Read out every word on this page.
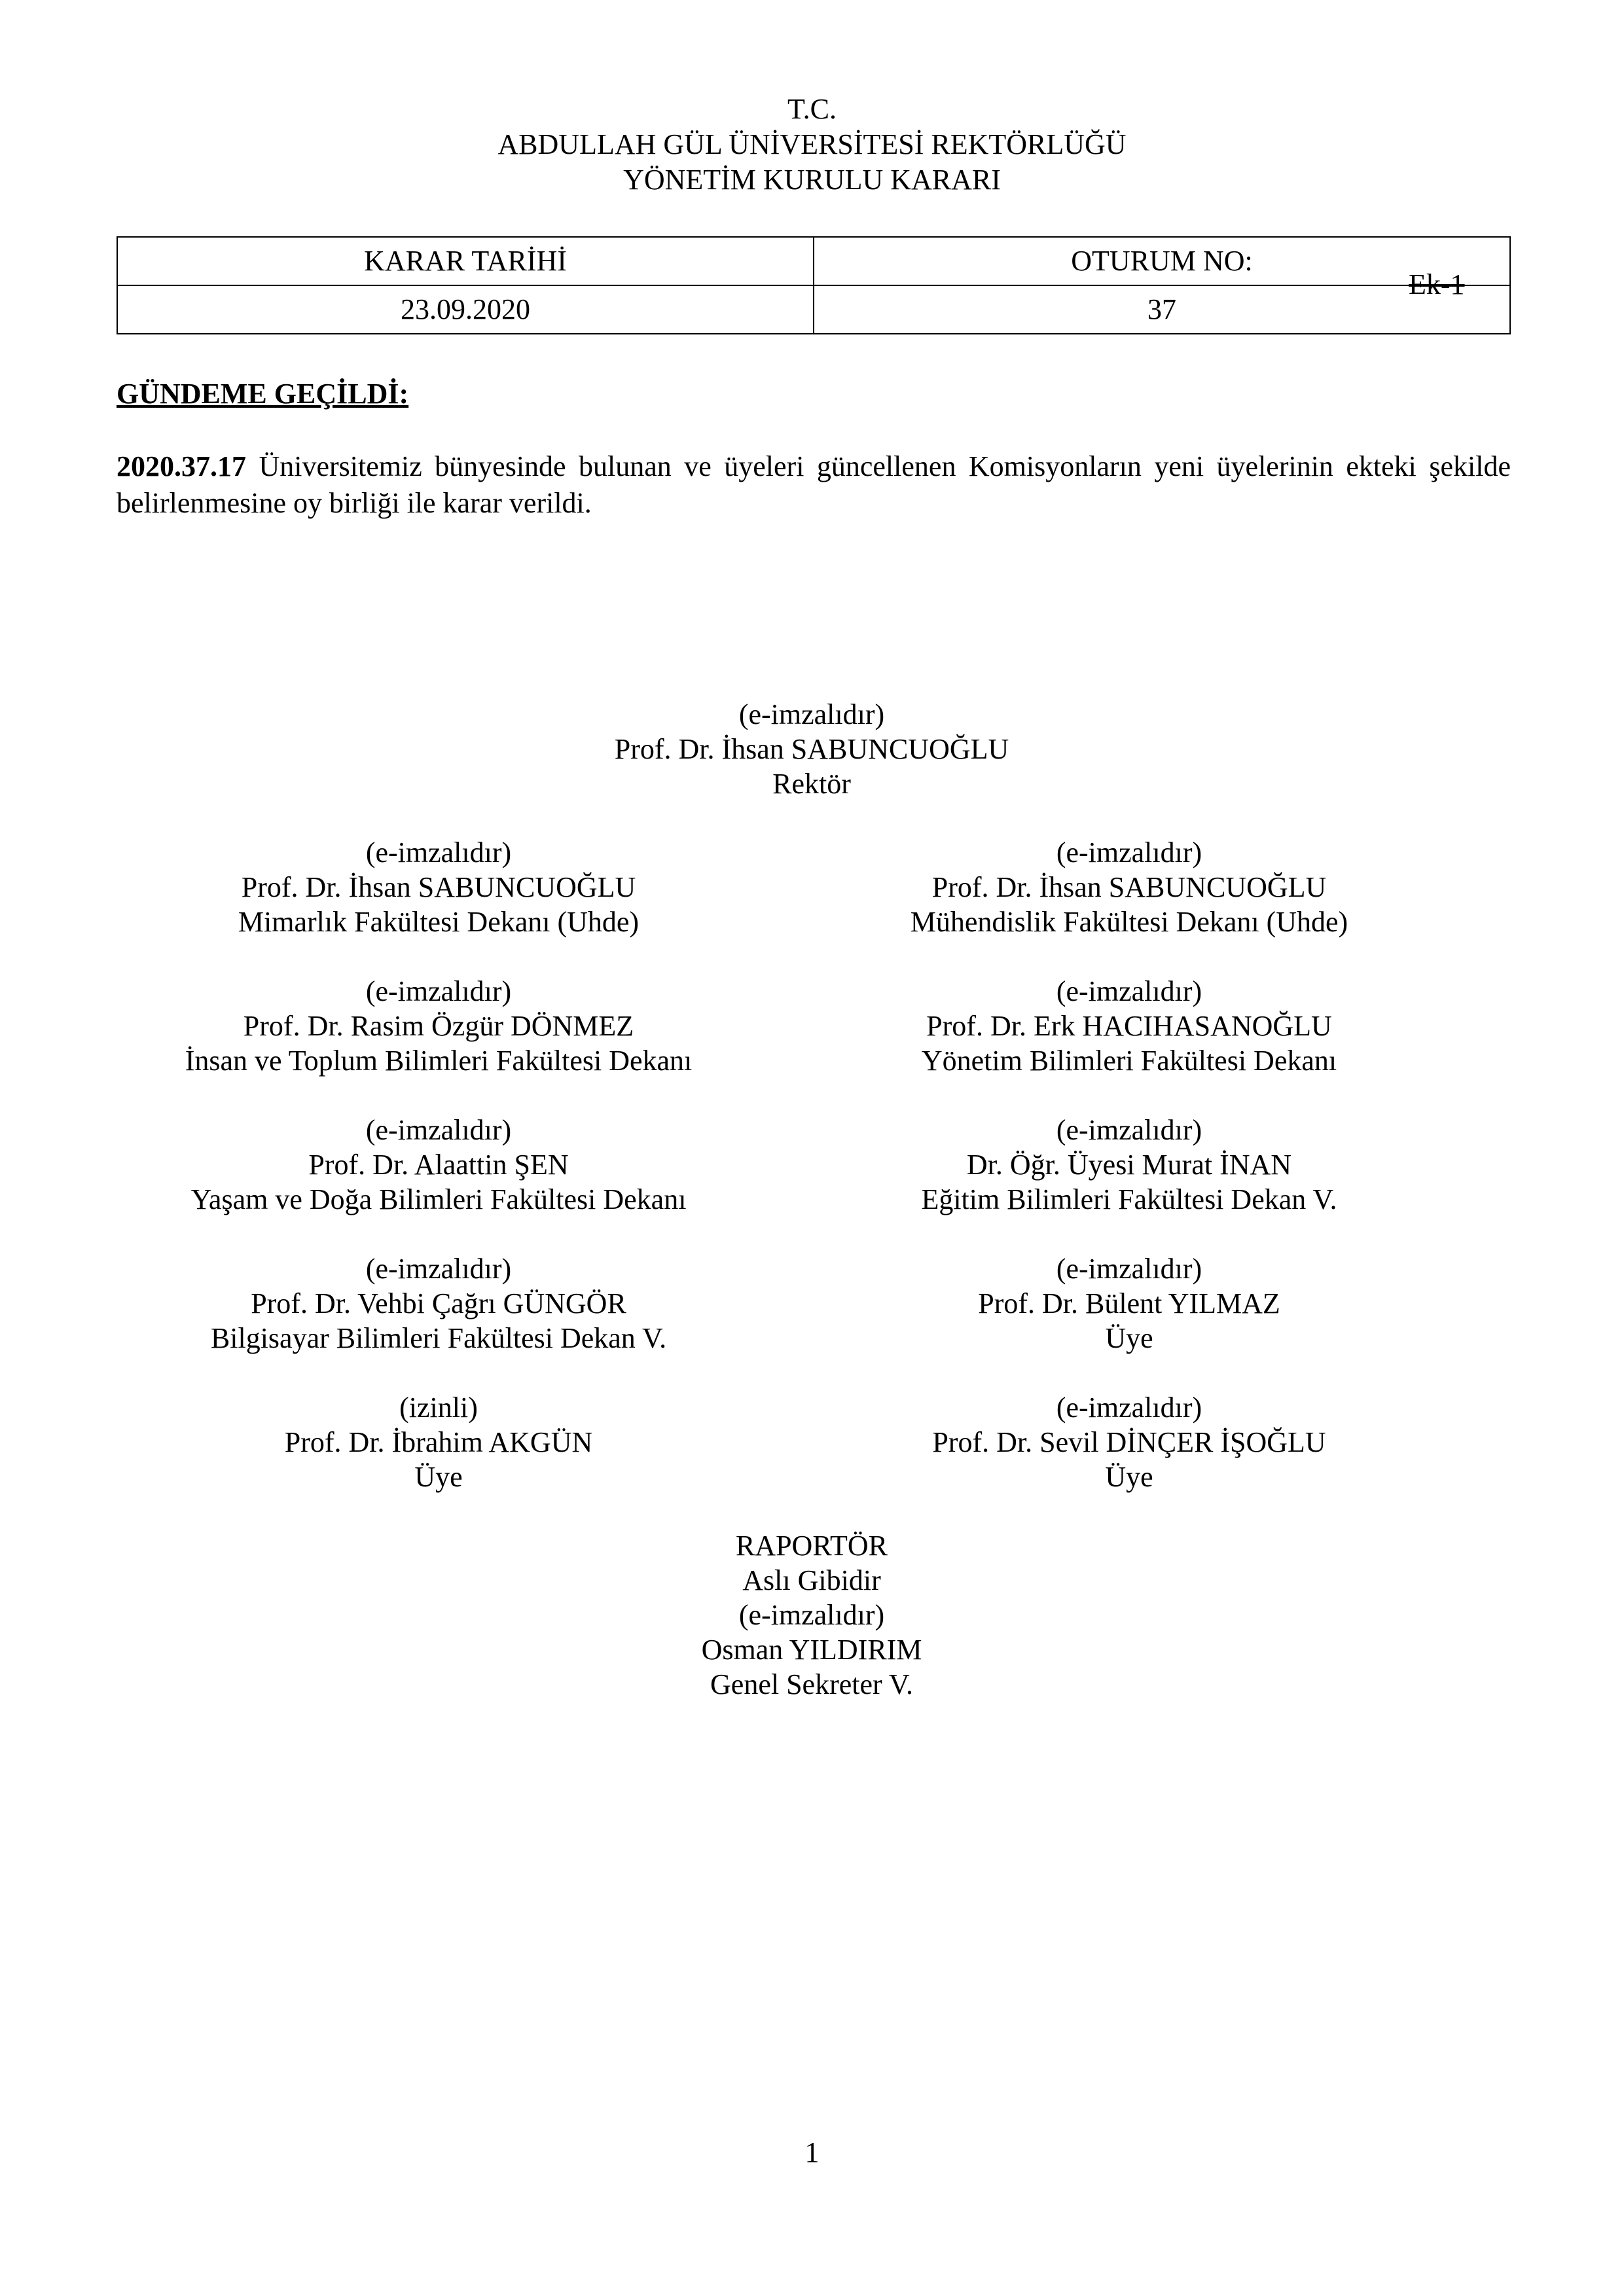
T.C.
ABDULLAH GÜL ÜNİVERSİTESİ REKTÖRLÜĞÜ
YÖNETİM KURULU KARARI
KARAR TARİHİ	OTURUM NO:
23.09.2020	37
Ek-1
GÜNDEME GEÇİLDİ:
2020.37.17 Üniversitemiz bünyesinde bulunan ve üyeleri güncellenen Komisyonların yeni üyelerinin ekteki şekilde belirlenmesine oy birliği ile karar verildi.
(e-imzalıdır)
Prof. Dr. İhsan SABUNCUOĞLU
Rektör
(e-imzalıdır)
Prof. Dr. İhsan SABUNCUOĞLU
Mimarlık Fakültesi Dekanı (Uhde)
(e-imzalıdır)
Prof. Dr. İhsan SABUNCUOĞLU
Mühendislik Fakültesi Dekanı (Uhde)
(e-imzalıdır)
Prof. Dr. Rasim Özgür DÖNMEZ
İnsan ve Toplum Bilimleri Fakültesi Dekanı
(e-imzalıdır)
Prof. Dr. Erk HACIHASANOĞLU
Yönetim Bilimleri Fakültesi Dekanı
(e-imzalıdır)
Prof. Dr. Alaattin ŞEN
Yaşam ve Doğa Bilimleri Fakültesi Dekanı
(e-imzalıdır)
Dr. Öğr. Üyesi Murat İNAN
Eğitim Bilimleri Fakültesi Dekan V.
(e-imzalıdır)
Prof. Dr. Vehbi Çağrı GÜNGÖR
Bilgisayar Bilimleri Fakültesi Dekan V.
(e-imzalıdır)
Prof. Dr. Bülent YILMAZ
Üye
(izinli)
Prof. Dr. İbrahim AKGÜN
Üye
(e-imzalıdır)
Prof. Dr. Sevil DİNÇER İŞOĞLU
Üye
RAPORTÖR
Aslı Gibidir
(e-imzalıdır)
Osman YILDIRIM
Genel Sekreter V.
1
